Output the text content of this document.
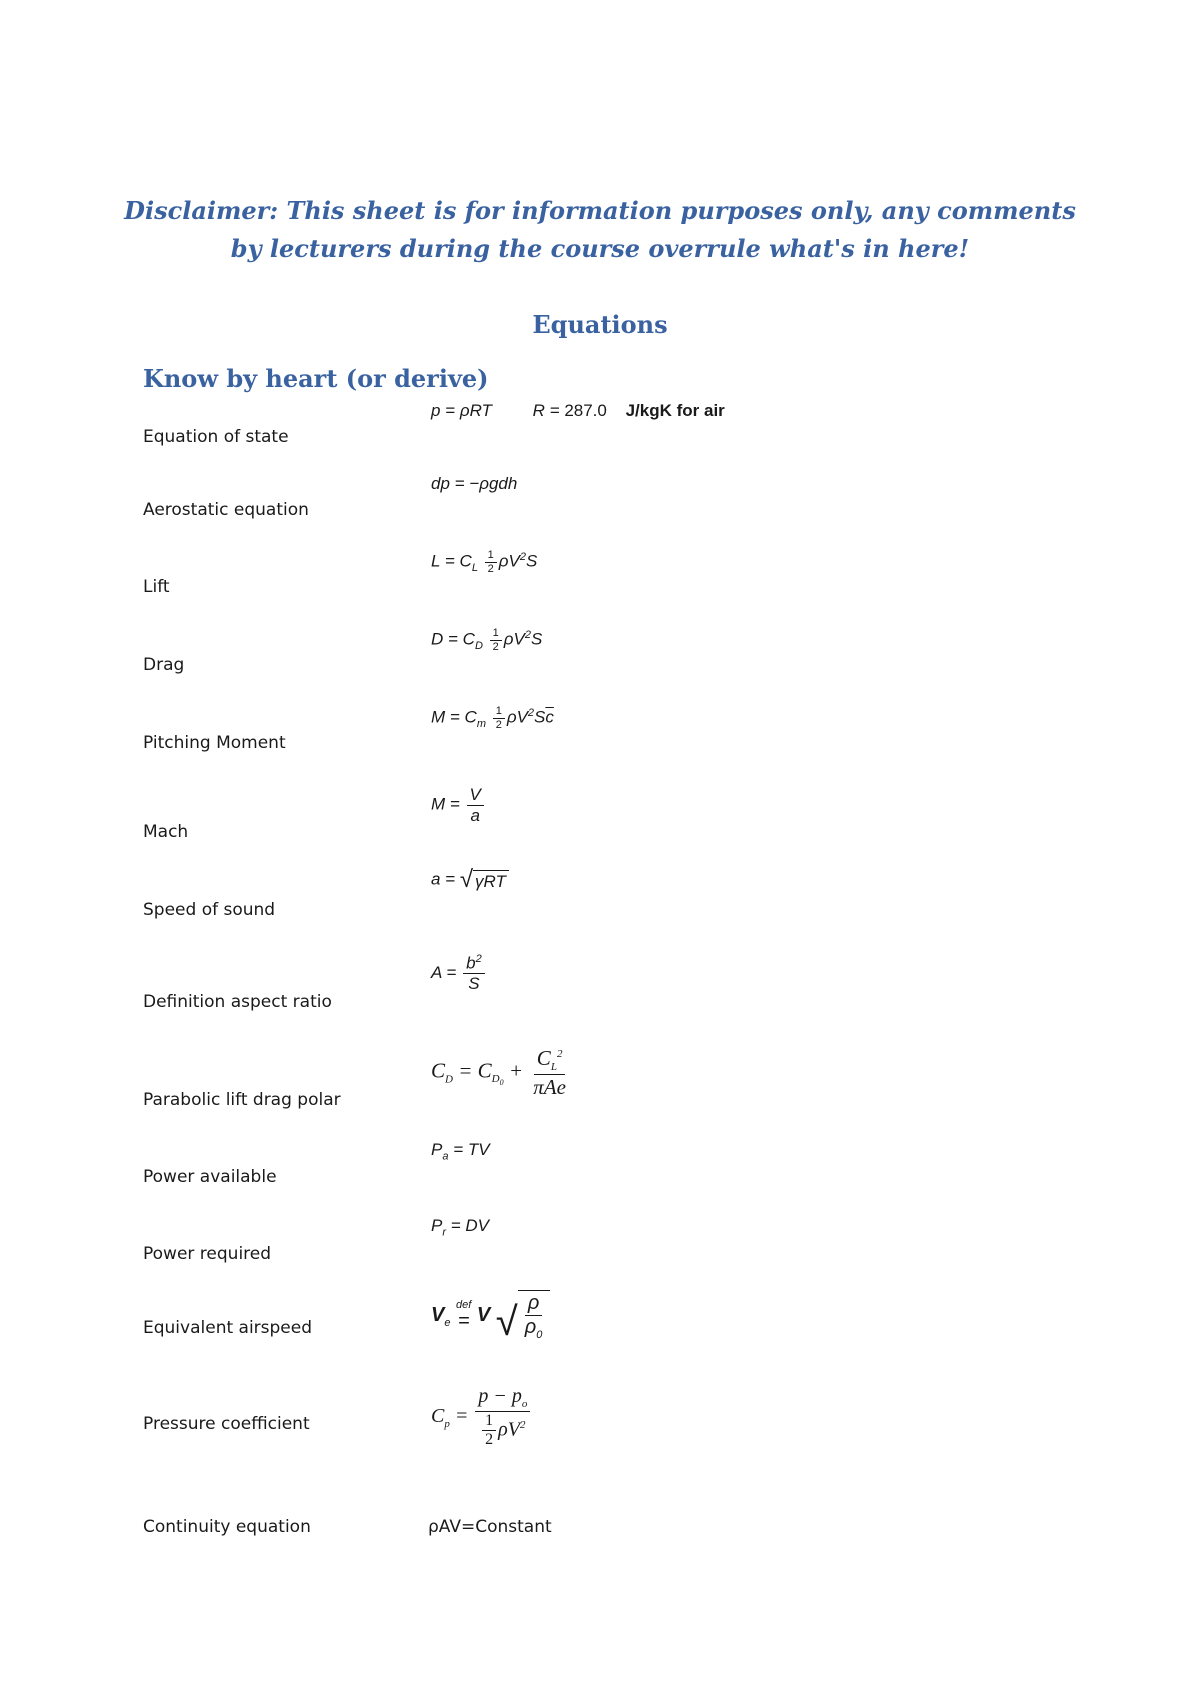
Disclaimer: This sheet is for information purposes only, any comments
by lecturers during the course overrule what's in here!
Equations
Know by heart (or derive)
Equation of state
p = ρRT R = 287.0 J/kgK for air
Aerostatic equation
dp = −ρgdh
Lift
$L = C_L \frac{1}{2} \rho V^2S$
Drag
$D = C_D \frac{1}{2} \rho V^2S$
Pitching Moment
$M = C_m \frac{1}{2} \rho V^2S\overline{c}$
Mach
$M = \frac{V}{a}$
Speed of sound
a = √ γRT
Definition aspect ratio
$A = \frac{b^2}{S}$
Parabolic lift drag polar
$C_D = C_{D_0} + \frac{C_L^2}{\text{πAe}}$
Power available
$P_a$ = TV
Power required
$P_r$ = DV
Equivalent airspeed
$V_e$
def
= V √ $\frac{\rho}{\rho_0}$
Pressure coefficient	$C_p = \frac{p - p_o}{\frac{1}{2} \rho V^2}$
Continuity equation	ρAV=Constant
